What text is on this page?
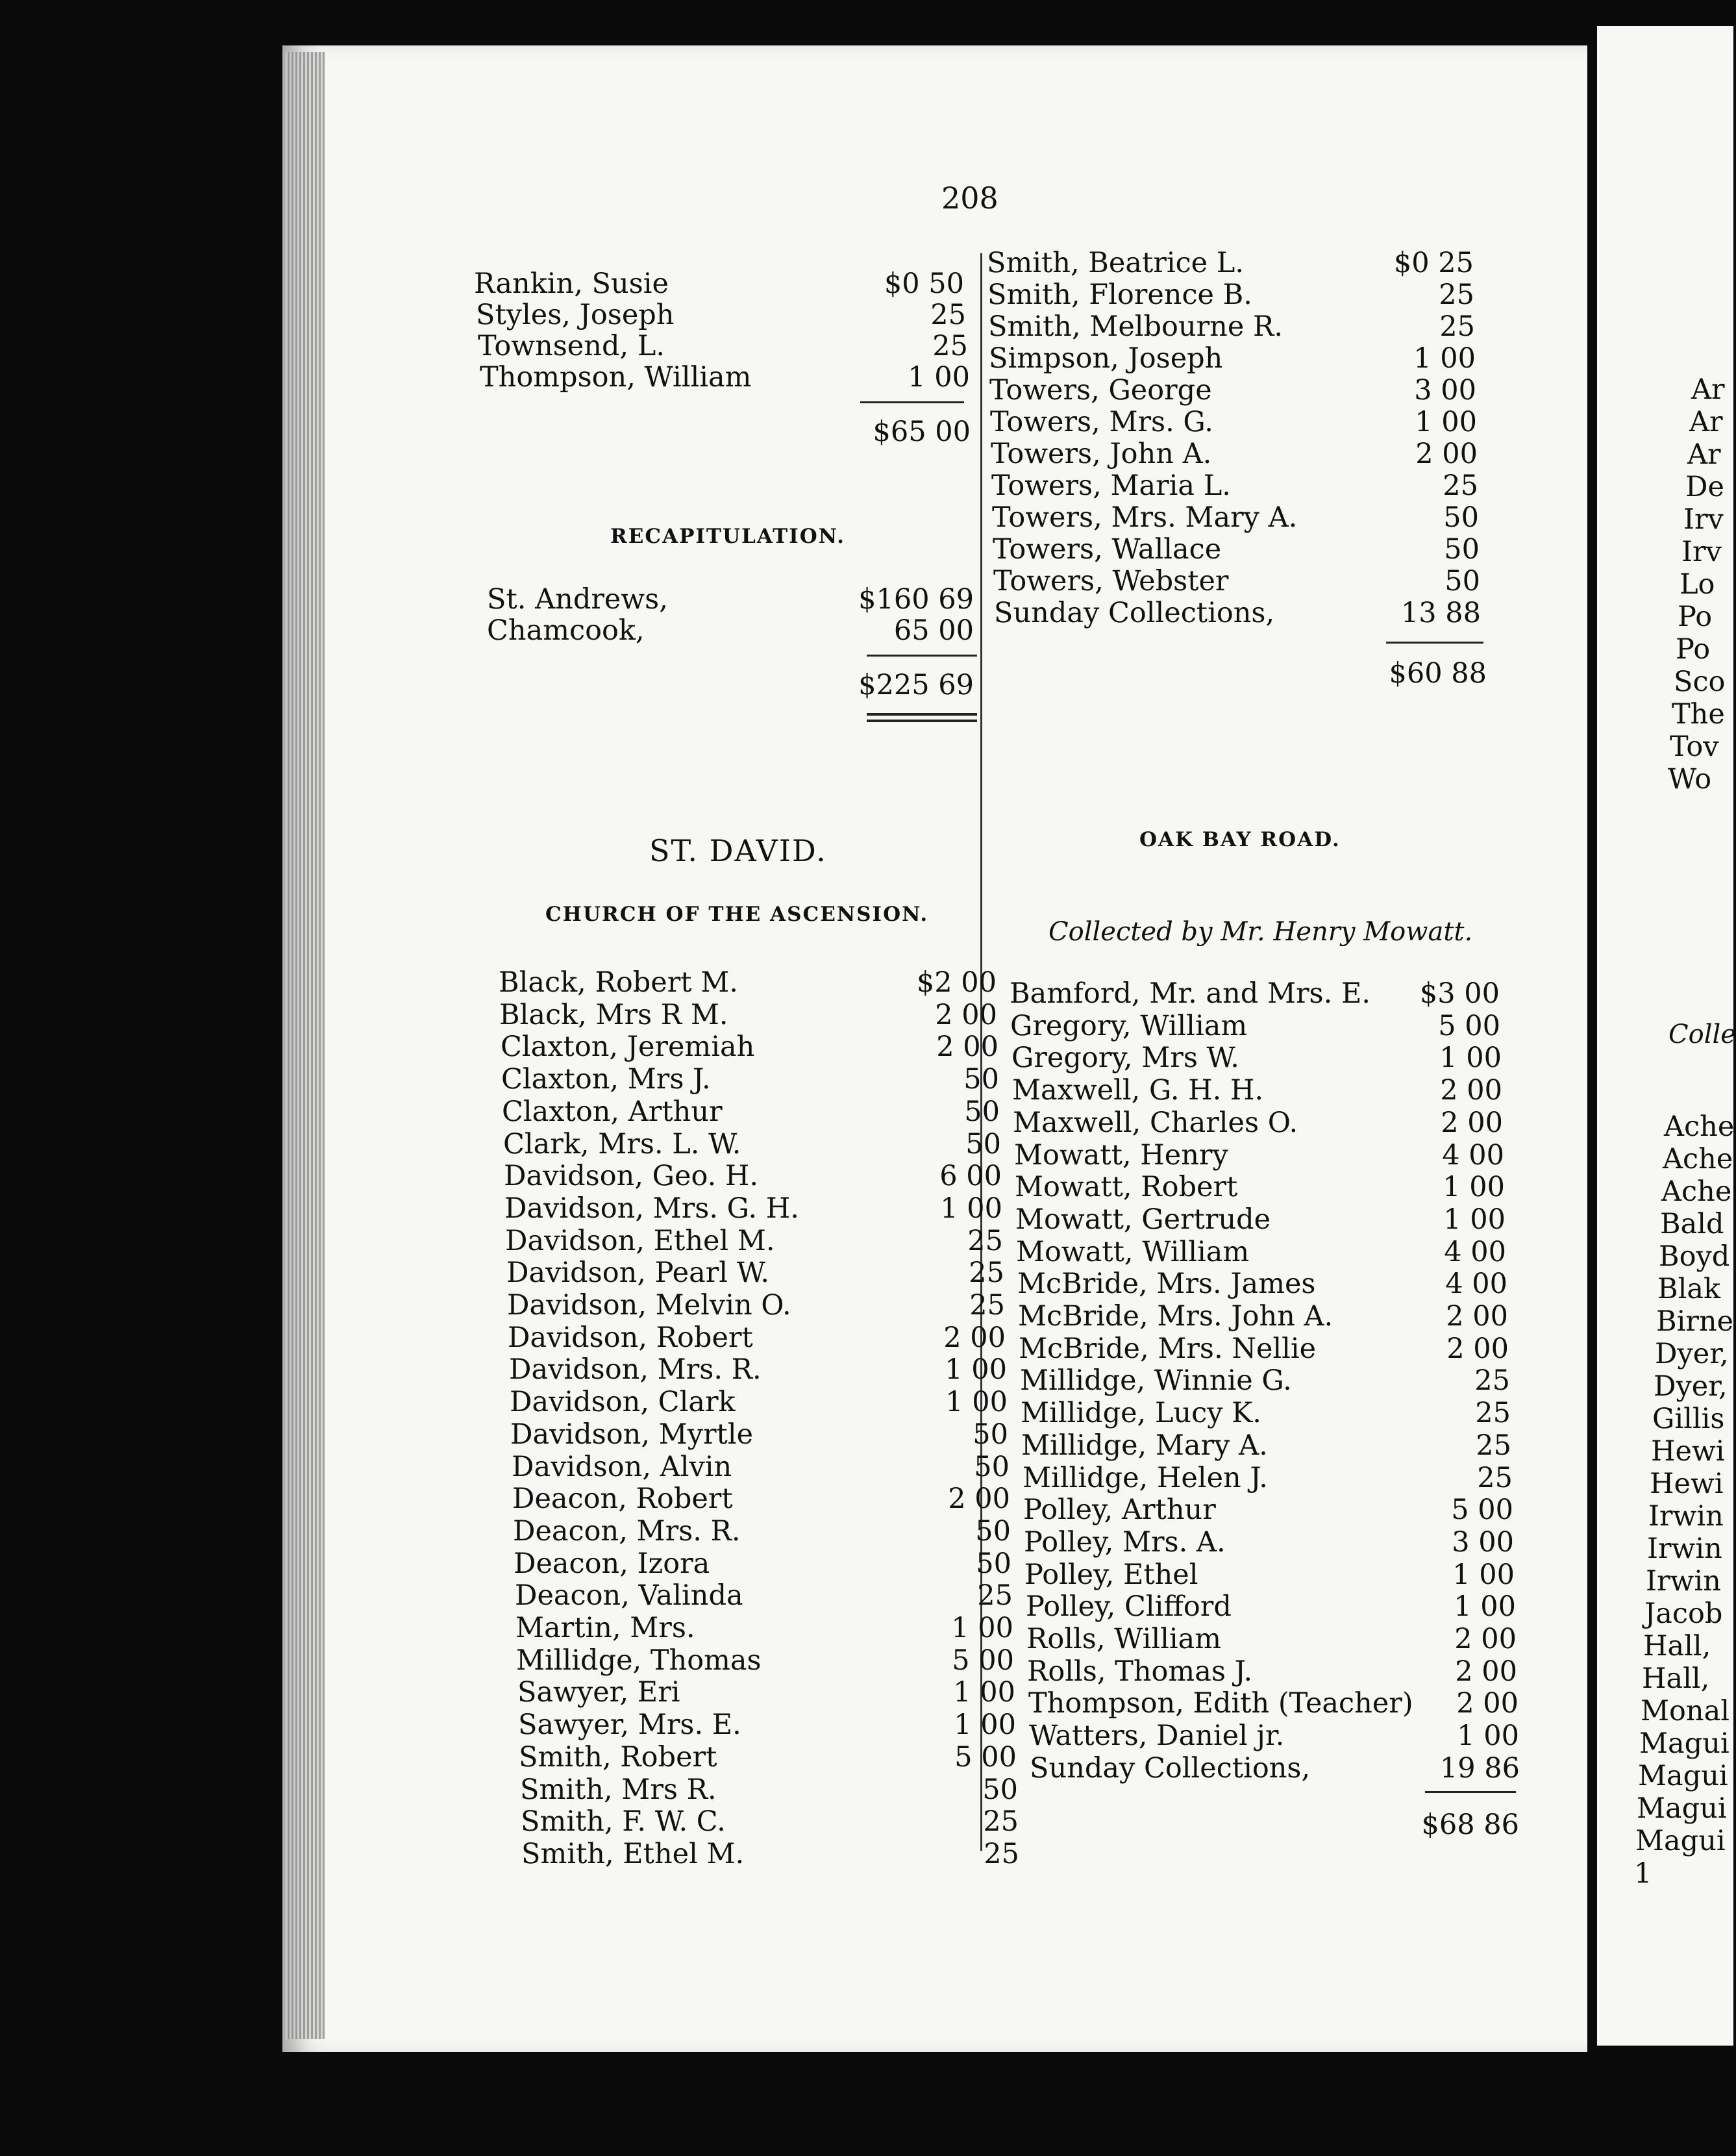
208
Rankin, Susie	$0 50
Styles, Joseph	25
Townsend, L.	25
Thompson, William	1 00
$65 00
RECAPITULATION.
St. Andrews,	$160 69
Chamcook,	65 00
$225 69
Smith, Beatrice L.	$0 25
Smith, Florence B.	25
Smith, Melbourne R.	25
Simpson, Joseph	1 00
Towers, George	3 00
Towers, Mrs. G.	1 00
Towers, John A.	2 00
Towers, Maria L.	25
Towers, Mrs. Mary A.	50
Towers, Wallace	50
Towers, Webster	50
Sunday Collections,	13 88
$60 88
ST. DAVID.
CHURCH OF THE ASCENSION.
Black, Robert M.	$2 00
Black, Mrs R M.	2 00
Claxton, Jeremiah	2 00
Claxton, Mrs J.	50
Claxton, Arthur	50
Clark, Mrs. L. W.	50
Davidson, Geo. H.	6 00
Davidson, Mrs. G. H.	1 00
Davidson, Ethel M.	25
Davidson, Pearl W.	25
Davidson, Melvin O.	25
Davidson, Robert	2 00
Davidson, Mrs. R.	1 00
Davidson, Clark	1 00
Davidson, Myrtle	50
Davidson, Alvin	50
Deacon, Robert	2 00
Deacon, Mrs. R.	50
Deacon, Izora	50
Deacon, Valinda	25
Martin, Mrs.	1 00
Millidge, Thomas	5 00
Sawyer, Eri	1 00
Sawyer, Mrs. E.	1 00
Smith, Robert	5 00
Smith, Mrs R.	50
Smith, F. W. C.	25
Smith, Ethel M.	25
OAK BAY ROAD.
Collected by Mr. Henry Mowatt.
Bamford, Mr. and Mrs. E.	$3 00
Gregory, William	5 00
Gregory, Mrs W.	1 00
Maxwell, G. H. H.	2 00
Maxwell, Charles O.	2 00
Mowatt, Henry	4 00
Mowatt, Robert	1 00
Mowatt, Gertrude	1 00
Mowatt, William	4 00
McBride, Mrs. James	4 00
McBride, Mrs. John A.	2 00
McBride, Mrs. Nellie	2 00
Millidge, Winnie G.	25
Millidge, Lucy K.	25
Millidge, Mary A.	25
Millidge, Helen J.	25
Polley, Arthur	5 00
Polley, Mrs. A.	3 00
Polley, Ethel	1 00
Polley, Clifford	1 00
Rolls, William	2 00
Rolls, Thomas J.	2 00
Thompson, Edith (Teacher)	2 00
Watters, Daniel jr.	1 00
Sunday Collections,	19 86
$68 86
Ar
Ar
Ar
De
Irv
Irv
Lo
Po
Po
Sco
The
Tov
Wo
Colle
Ache
Ache
Ache
Bald
Boyd
Blak
Birne
Dyer,
Dyer,
Gillis
Hewi
Hewi
Irwin
Irwin
Irwin
Jacob
Hall,
Hall,
Monal
Magui
Magui
Magui
Magui
1
